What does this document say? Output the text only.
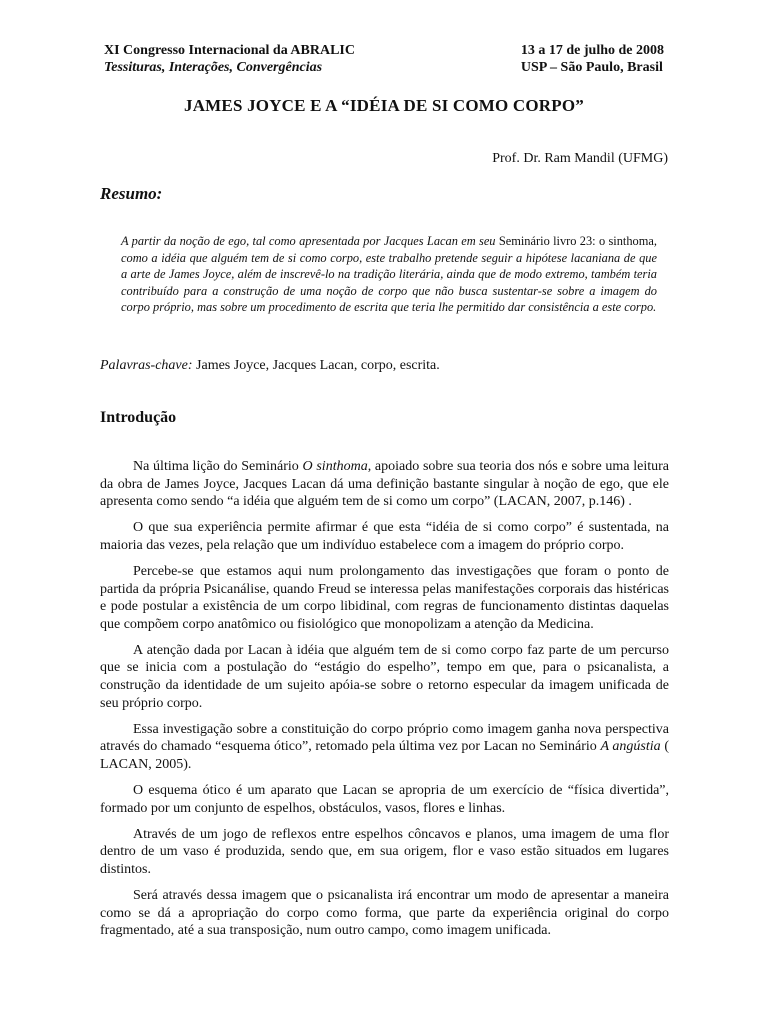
XI Congresso Internacional da ABRALIC
Tessituras, Interações, Convergências
13 a 17 de julho de 2008
USP – São Paulo, Brasil
JAMES JOYCE E A “IDÉIA DE SI COMO CORPO”
Prof. Dr. Ram Mandil (UFMG)
Resumo:

A partir da noção de ego, tal como apresentada por Jacques Lacan em seu Seminário livro 23: o sinthoma, como a idéia que alguém tem de si como corpo, este trabalho pretende seguir a hipótese lacaniana de que a arte de James Joyce, além de inscrevê-lo na tradição literária, ainda que de modo extremo, também teria contribuído para a construção de uma noção de corpo que não busca sustentar-se sobre a imagem do corpo próprio, mas sobre um procedimento de escrita que teria lhe permitido dar consistência a este corpo.

Palavras-chave: James Joyce, Jacques Lacan, corpo, escrita.
Introdução

Na última lição do Seminário O sinthoma, apoiado sobre sua teoria dos nós e sobre uma leitura da obra de James Joyce, Jacques Lacan dá uma definição bastante singular à noção de ego, que ele apresenta como sendo “a idéia que alguém tem de si como um corpo” (LACAN, 2007, p.146) .

O que sua experiência permite afirmar é que esta “idéia de si como corpo” é sustentada, na maioria das vezes, pela relação que um indivíduo estabelece com a imagem do próprio corpo.

Percebe-se que estamos aqui num prolongamento das investigações que foram o ponto de partida da própria Psicanálise, quando Freud se interessa pelas manifestações corporais das histéricas e pode postular a existência de um corpo libidinal, com regras de funcionamento distintas daquelas que compõem corpo anatômico ou fisiológico que monopolizam a atenção da Medicina.

A atenção dada por Lacan à idéia que alguém tem de si como corpo faz parte de um percurso que se inicia com a postulação do “estágio do espelho”, tempo em que, para o psicanalista, a construção da identidade de um sujeito apóia-se sobre o retorno especular da imagem unificada de seu próprio corpo.

Essa investigação sobre a constituição do corpo próprio como imagem ganha nova perspectiva através do chamado “esquema ótico”, retomado pela última vez por Lacan no Seminário A angústia ( LACAN, 2005).

O esquema ótico é um aparato que Lacan se apropria de um exercício de “física divertida”, formado por um conjunto de espelhos, obstáculos, vasos, flores e linhas.

Através de um jogo de reflexos entre espelhos côncavos e planos, uma imagem de uma flor dentro de um vaso é produzida, sendo que, em sua origem, flor e vaso estão situados em lugares distintos.

Será através dessa imagem que o psicanalista irá encontrar um modo de apresentar a maneira como se dá a apropriação do corpo como forma, que parte da experiência original do corpo fragmentado, até a sua transposição, num outro campo, como imagem unificada.
